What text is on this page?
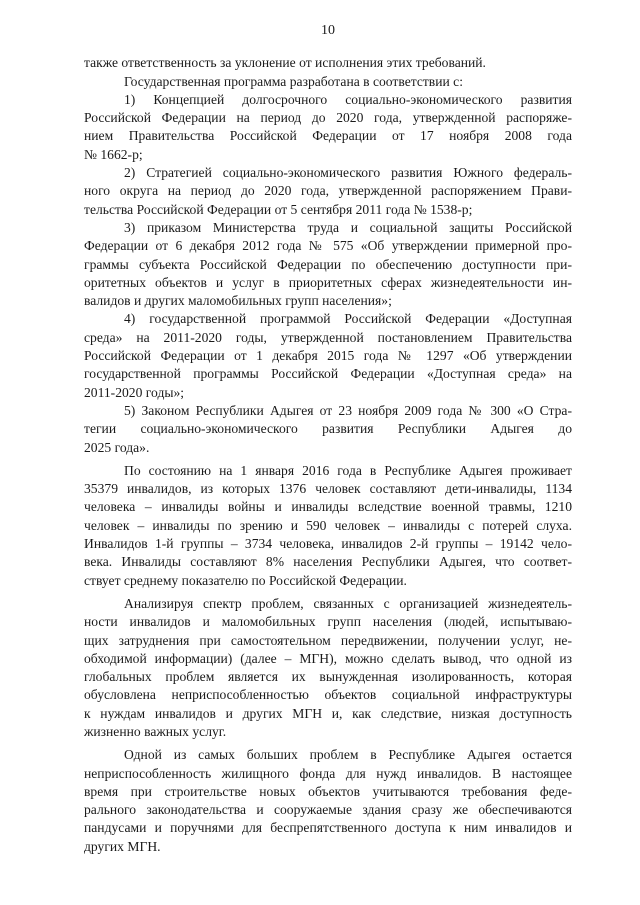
10
также ответственность за уклонение от исполнения этих требований.
Государственная программа разработана в соответствии с:
1) Концепцией долгосрочного социально-экономического развития
Российской Федерации на период до 2020 года, утвержденной распоряже-
нием Правительства Российской Федерации от 17 ноября 2008 года
№ 1662-р;
2) Стратегией социально-экономического развития Южного федераль-
ного округа на период до 2020 года, утвержденной распоряжением Прави-
тельства Российской Федерации от 5 сентября 2011 года № 1538-р;
3) приказом Министерства труда и социальной защиты Российской
Федерации от 6 декабря 2012 года № 575 «Об утверждении примерной про-
граммы субъекта Российской Федерации по обеспечению доступности при-
оритетных объектов и услуг в приоритетных сферах жизнедеятельности ин-
валидов и других маломобильных групп населения»;
4) государственной программой Российской Федерации «Доступная
среда» на 2011-2020 годы, утвержденной постановлением Правительства
Российской Федерации от 1 декабря 2015 года № 1297 «Об утверждении
государственной программы Российской Федерации «Доступная среда» на
2011-2020 годы»;
5) Законом Республики Адыгея от 23 ноября 2009 года № 300 «О Стра-
тегии социально-экономического развития Республики Адыгея до
2025 года».
По состоянию на 1 января 2016 года в Республике Адыгея проживает
35379 инвалидов, из которых 1376 человек составляют дети-инвалиды, 1134
человека – инвалиды войны и инвалиды вследствие военной травмы, 1210
человек – инвалиды по зрению и 590 человек – инвалиды с потерей слуха.
Инвалидов 1-й группы – 3734 человека, инвалидов 2-й группы – 19142 чело-
века. Инвалиды составляют 8% населения Республики Адыгея, что соответ-
ствует среднему показателю по Российской Федерации.
Анализируя спектр проблем, связанных с организацией жизнедеятель-
ности инвалидов и маломобильных групп населения (людей, испытываю-
щих затруднения при самостоятельном передвижении, получении услуг, не-
обходимой информации) (далее – МГН), можно сделать вывод, что одной из
глобальных проблем является их вынужденная изолированность, которая
обусловлена неприспособленностью объектов социальной инфраструктуры
к нуждам инвалидов и других МГН и, как следствие, низкая доступность
жизненно важных услуг.
Одной из самых больших проблем в Республике Адыгея остается
неприспособленность жилищного фонда для нужд инвалидов. В настоящее
время при строительстве новых объектов учитываются требования феде-
рального законодательства и сооружаемые здания сразу же обеспечиваются
пандусами и поручнями для беспрепятственного доступа к ним инвалидов и
других МГН.
